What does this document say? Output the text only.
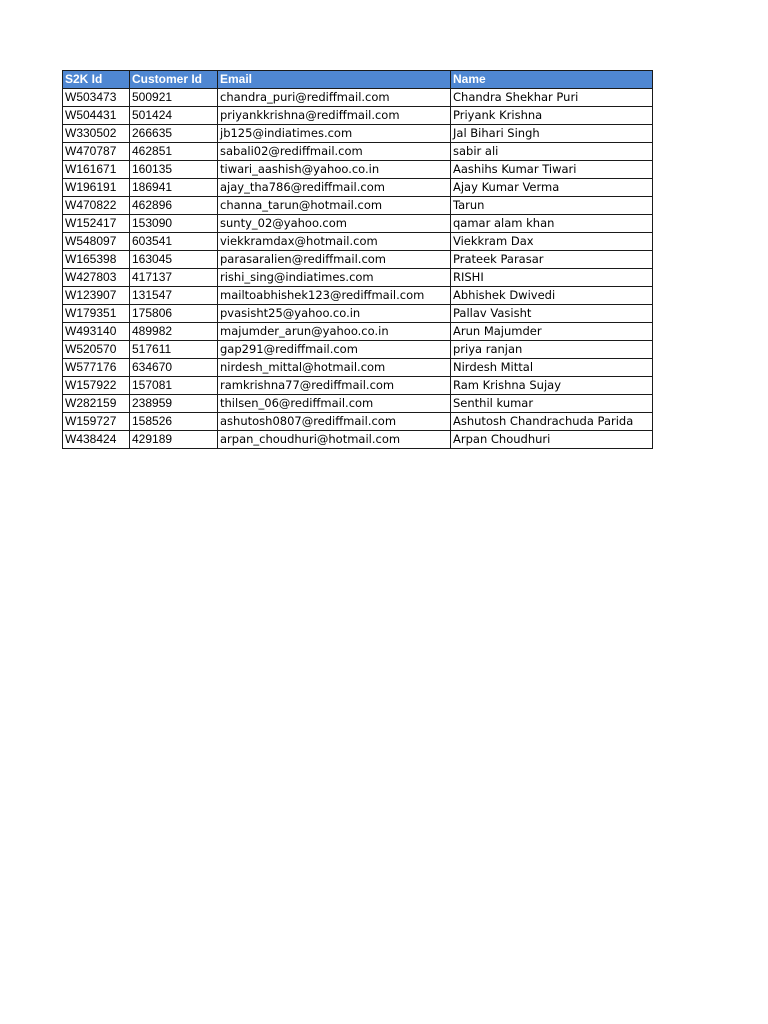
S2K Id	Customer Id	Email	Name
W503473	500921	chandra_puri@rediffmail.com	Chandra Shekhar Puri
W504431	501424	priyankkrishna@rediffmail.com	Priyank Krishna
W330502	266635	jb125@indiatimes.com	Jal Bihari Singh
W470787	462851	sabali02@rediffmail.com	sabir ali
W161671	160135	tiwari_aashish@yahoo.co.in	Aashihs Kumar Tiwari
W196191	186941	ajay_tha786@rediffmail.com	Ajay Kumar Verma
W470822	462896	channa_tarun@hotmail.com	Tarun
W152417	153090	sunty_02@yahoo.com	qamar alam khan
W548097	603541	viekkramdax@hotmail.com	Viekkram Dax
W165398	163045	parasaralien@rediffmail.com	Prateek Parasar
W427803	417137	rishi_sing@indiatimes.com	RISHI
W123907	131547	mailtoabhishek123@rediffmail.com	Abhishek Dwivedi
W179351	175806	pvasisht25@yahoo.co.in	Pallav Vasisht
W493140	489982	majumder_arun@yahoo.co.in	Arun Majumder
W520570	517611	gap291@rediffmail.com	priya ranjan
W577176	634670	nirdesh_mittal@hotmail.com	Nirdesh Mittal
W157922	157081	ramkrishna77@rediffmail.com	Ram Krishna Sujay
W282159	238959	thilsen_06@rediffmail.com	Senthil kumar
W159727	158526	ashutosh0807@rediffmail.com	Ashutosh Chandrachuda Parida
W438424	429189	arpan_choudhuri@hotmail.com	Arpan Choudhuri
